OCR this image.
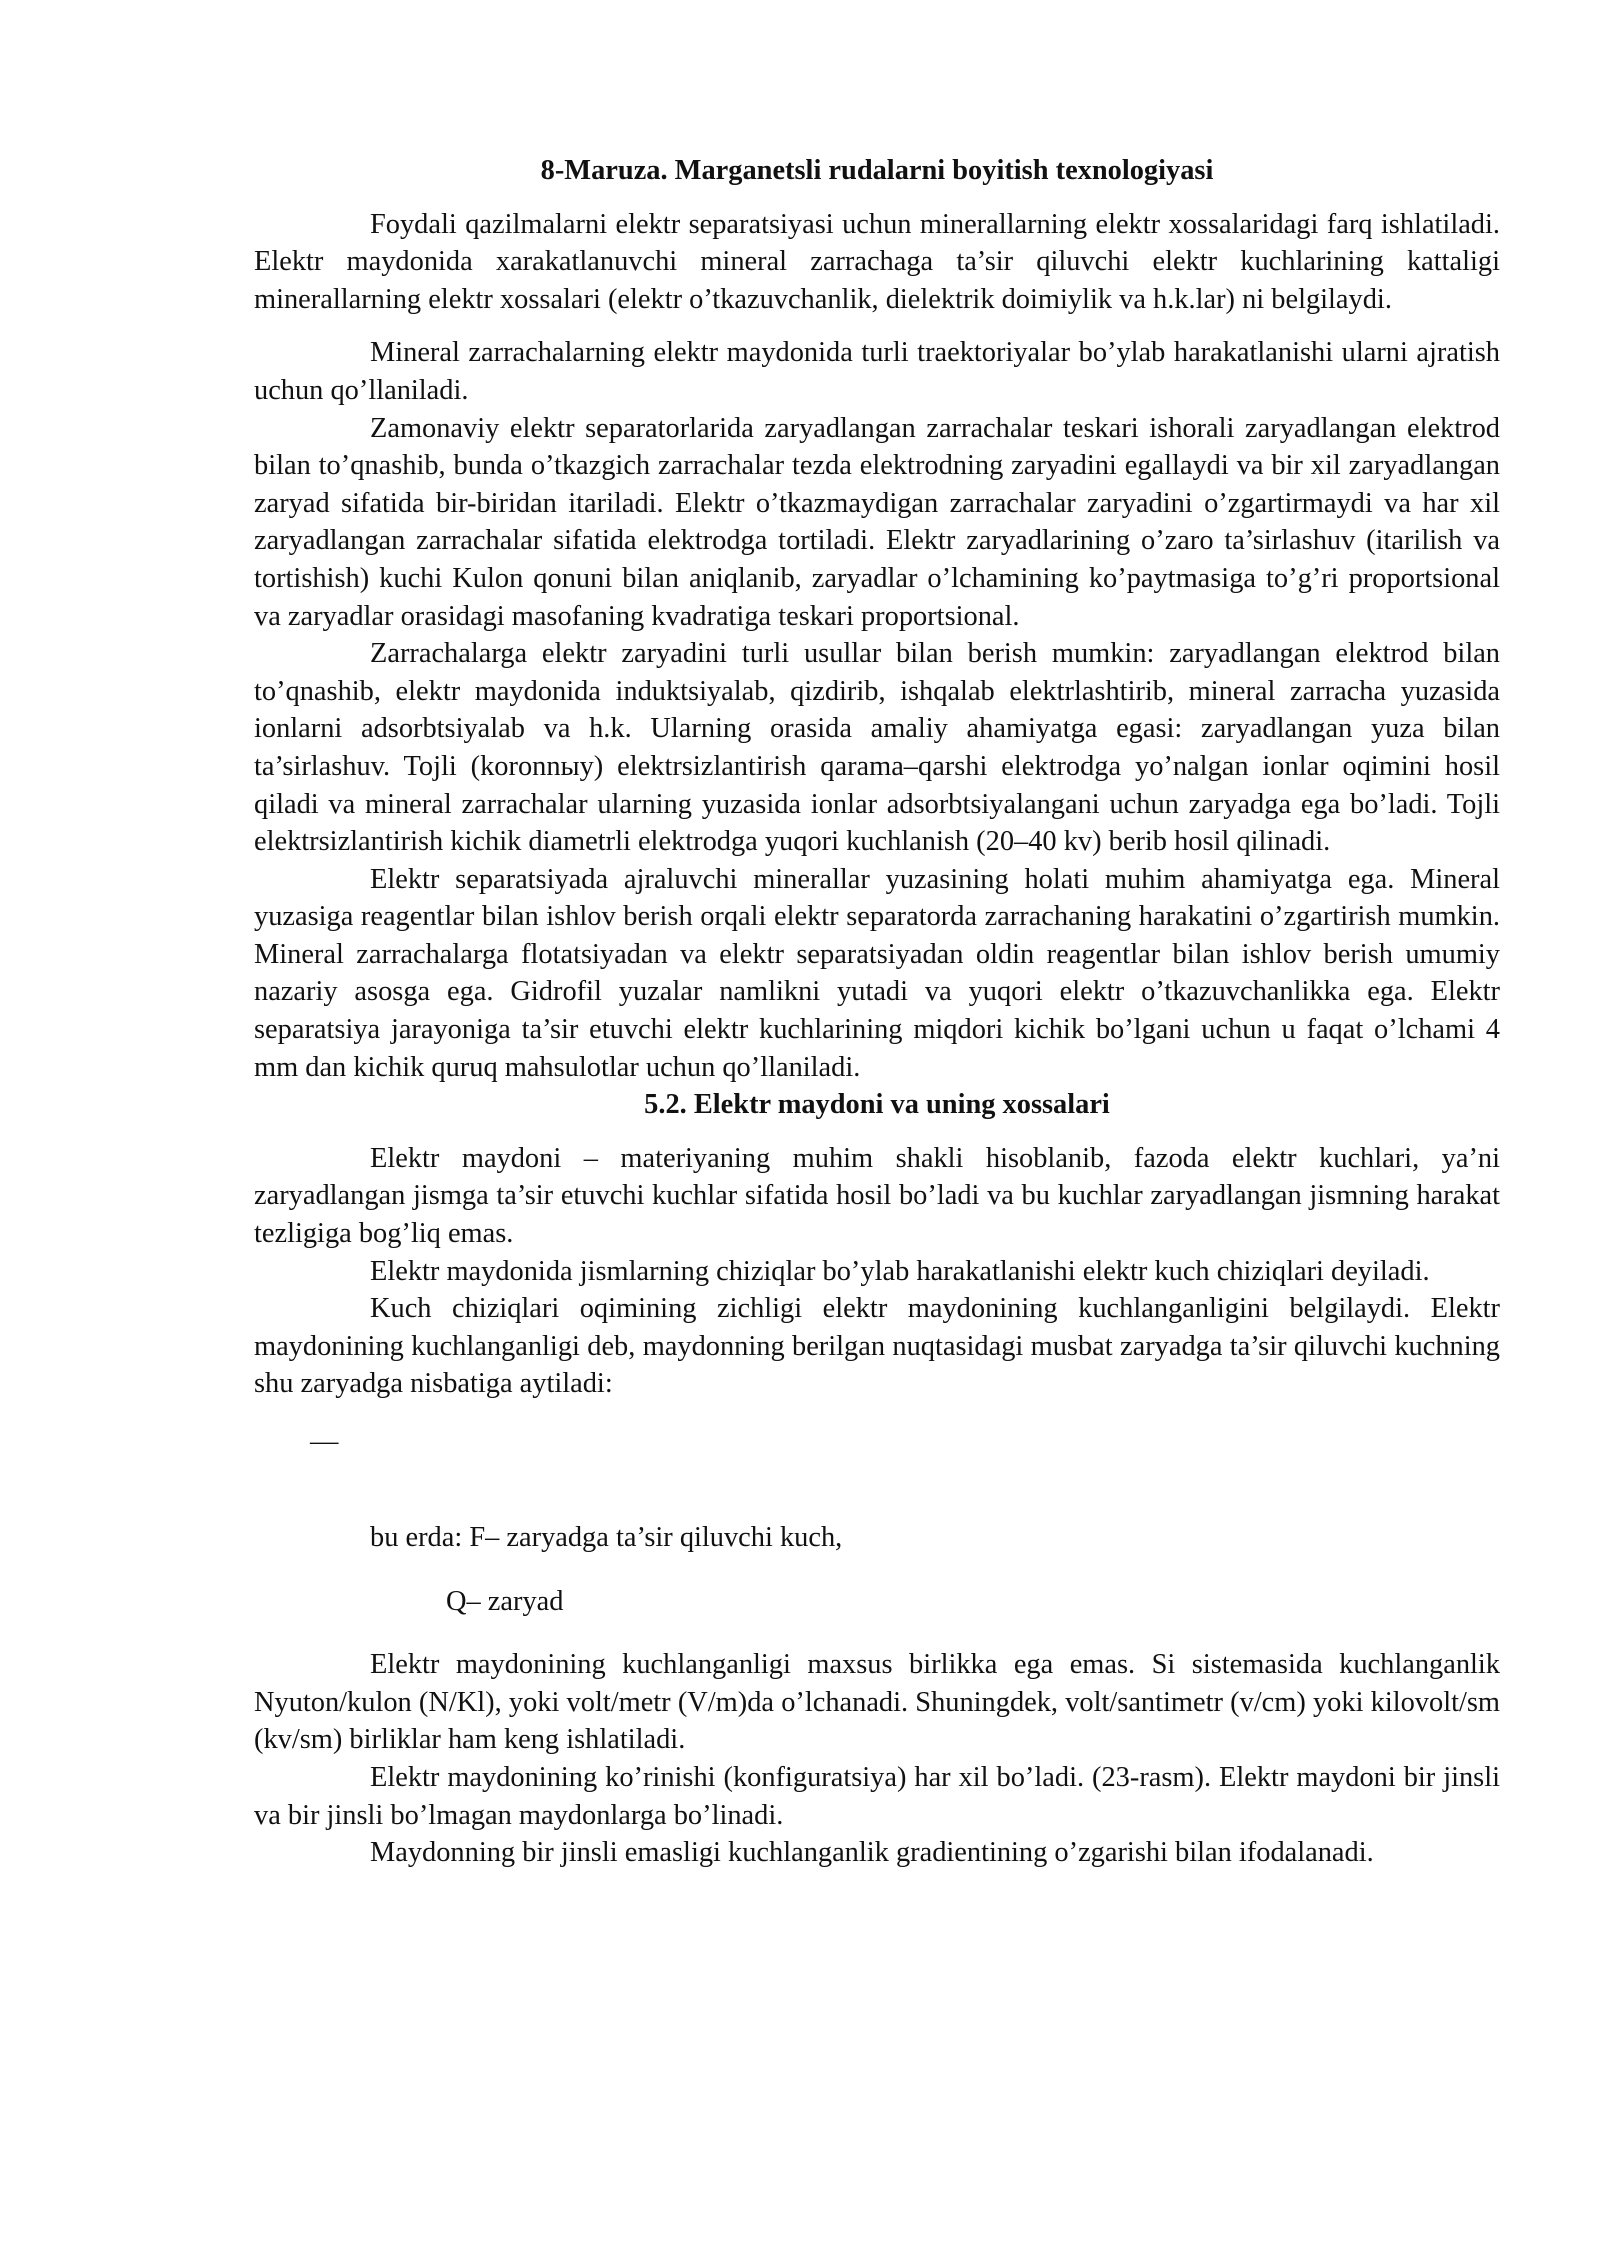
8-Maruza. Marganetsli rudalarni boyitish texnologiyasi

Foydali qazilmalarni elektr separatsiyasi uchun minerallarning elektr xossalaridagi farq ishlatiladi. Elektr maydonida xarakatlanuvchi mineral zarrachaga ta’sir qiluvchi elektr kuchlarining kattaligi minerallarning elektr xossalari (elektr o’tkazuvchanlik, dielektrik doimiylik va h.k.lar) ni belgilaydi.

Mineral zarrachalarning elektr maydonida turli traektoriyalar bo’ylab harakatlanishi ularni ajratish uchun qo’llaniladi.

Zamonaviy elektr separatorlarida zaryadlangan zarrachalar teskari ishorali zaryadlangan elektrod bilan to’qnashib, bunda o’tkazgich zarrachalar tezda elektrodning zaryadini egallaydi va bir xil zaryadlangan zaryad sifatida bir-biridan itariladi. Elektr o’tkazmaydigan zarrachalar zaryadini o’zgartirmaydi va har xil zaryadlangan zarrachalar sifatida elektrodga tortiladi. Elektr zaryadlarining o’zaro ta’sirlashuv (itarilish va tortishish) kuchi Kulon qonuni bilan aniqlanib, zaryadlar o’lchamining ko’paytmasiga to’g’ri proportsional va zaryadlar orasidagi masofaning kvadratiga teskari proportsional.

Zarrachalarga elektr zaryadini turli usullar bilan berish mumkin: zaryadlangan elektrod bilan to’qnashib, elektr maydonida induktsiyalab, qizdirib, ishqalab elektrlashtirib, mineral zarracha yuzasida ionlarni adsorbtsiyalab va h.k. Ularning orasida amaliy ahamiyatga egasi: zaryadlangan yuza bilan ta’sirlashuv. Tojli (koronnыy) elektrsizlantirish qarama–qarshi elektrodga yo’nalgan ionlar oqimini hosil qiladi va mineral zarrachalar ularning yuzasida ionlar adsorbtsiyalangani uchun zaryadga ega bo’ladi. Tojli elektrsizlantirish kichik diametrli elektrodga yuqori kuchlanish (20–40 kv) berib hosil qilinadi.

Elektr separatsiyada ajraluvchi minerallar yuzasining holati muhim ahamiyatga ega. Mineral yuzasiga reagentlar bilan ishlov berish orqali elektr separatorda zarrachaning harakatini o’zgartirish mumkin. Mineral zarrachalarga flotatsiyadan va elektr separatsiyadan oldin reagentlar bilan ishlov berish umumiy nazariy asosga ega. Gidrofil yuzalar namlikni yutadi va yuqori elektr o’tkazuvchanlikka ega. Elektr separatsiya jarayoniga ta’sir etuvchi elektr kuchlarining miqdori kichik bo’lgani uchun u faqat o’lchami 4 mm dan kichik quruq mahsulotlar uchun qo’llaniladi.

5.2. Elektr maydoni va uning xossalari

Elektr maydoni – materiyaning muhim shakli hisoblanib, fazoda elektr kuchlari, ya’ni zaryadlangan jismga ta’sir etuvchi kuchlar sifatida hosil bo’ladi va bu kuchlar zaryadlangan jismning harakat tezligiga bog’liq emas.

Elektr maydonida jismlarning chiziqlar bo’ylab harakatlanishi elektr kuch chiziqlari deyiladi.

Kuch chiziqlari oqimining zichligi elektr maydonining kuchlanganligini belgilaydi. Elektr maydonining kuchlanganligi deb, maydonning berilgan nuqtasidagi musbat zaryadga ta’sir qiluvchi kuchning shu zaryadga nisbatiga aytiladi:

—

bu erda: F– zaryadga ta’sir qiluvchi kuch,

Q– zaryad

Elektr maydonining kuchlanganligi maxsus birlikka ega emas. Si sistemasida kuchlanganlik Nyuton/kulon (N/Kl), yoki volt/metr (V/m)da o’lchanadi. Shuningdek, volt/santimetr (v/cm) yoki kilovolt/sm (kv/sm) birliklar ham keng ishlatiladi.

Elektr maydonining ko’rinishi (konfiguratsiya) har xil bo’ladi. (23-rasm). Elektr maydoni bir jinsli va bir jinsli bo’lmagan maydonlarga bo’linadi.

Maydonning bir jinsli emasligi kuchlanganlik gradientining o’zgarishi bilan ifodalanadi.
